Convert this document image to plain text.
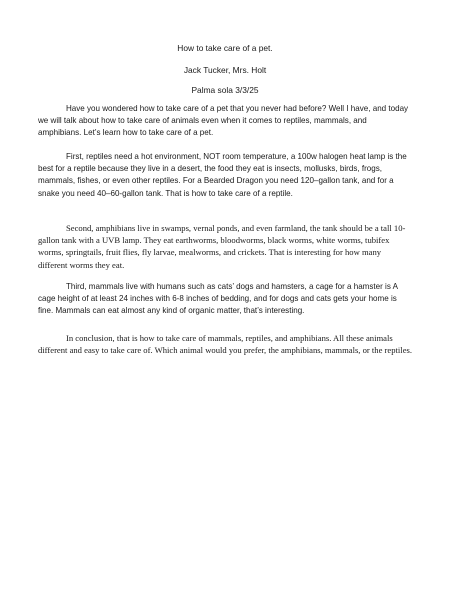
How to take care of a pet.
Jack Tucker, Mrs. Holt
Palma sola 3/3/25

Have you wondered how to take care of a pet that you never had before? Well I have, and today we will talk about how to take care of animals even when it comes to reptiles, mammals, and amphibians. Let’s learn how to take care of a pet.

First, reptiles need a hot environment, NOT room temperature, a 100w halogen heat lamp is the best for a reptile because they live in a desert, the food they eat is insects, mollusks, birds, frogs, mammals, fishes, or even other reptiles. For a Bearded Dragon you need 120–gallon tank, and for a snake you need 40–60-gallon tank. That is how to take care of a reptile.

Second, amphibians live in swamps, vernal ponds, and even farmland, the tank should be a tall 10-gallon tank with a UVB lamp. They eat earthworms, bloodworms, black worms, white worms, tubifex worms, springtails, fruit flies, fly larvae, mealworms, and crickets. That is interesting for how many different worms they eat.

Third, mammals live with humans such as cats’ dogs and hamsters, a cage for a hamster is A cage height of at least 24 inches with 6-8 inches of bedding, and for dogs and cats gets your home is fine. Mammals can eat almost any kind of organic matter, that’s interesting.

In conclusion, that is how to take care of mammals, reptiles, and amphibians. All these animals different and easy to take care of. Which animal would you prefer, the amphibians, mammals, or the reptiles.
